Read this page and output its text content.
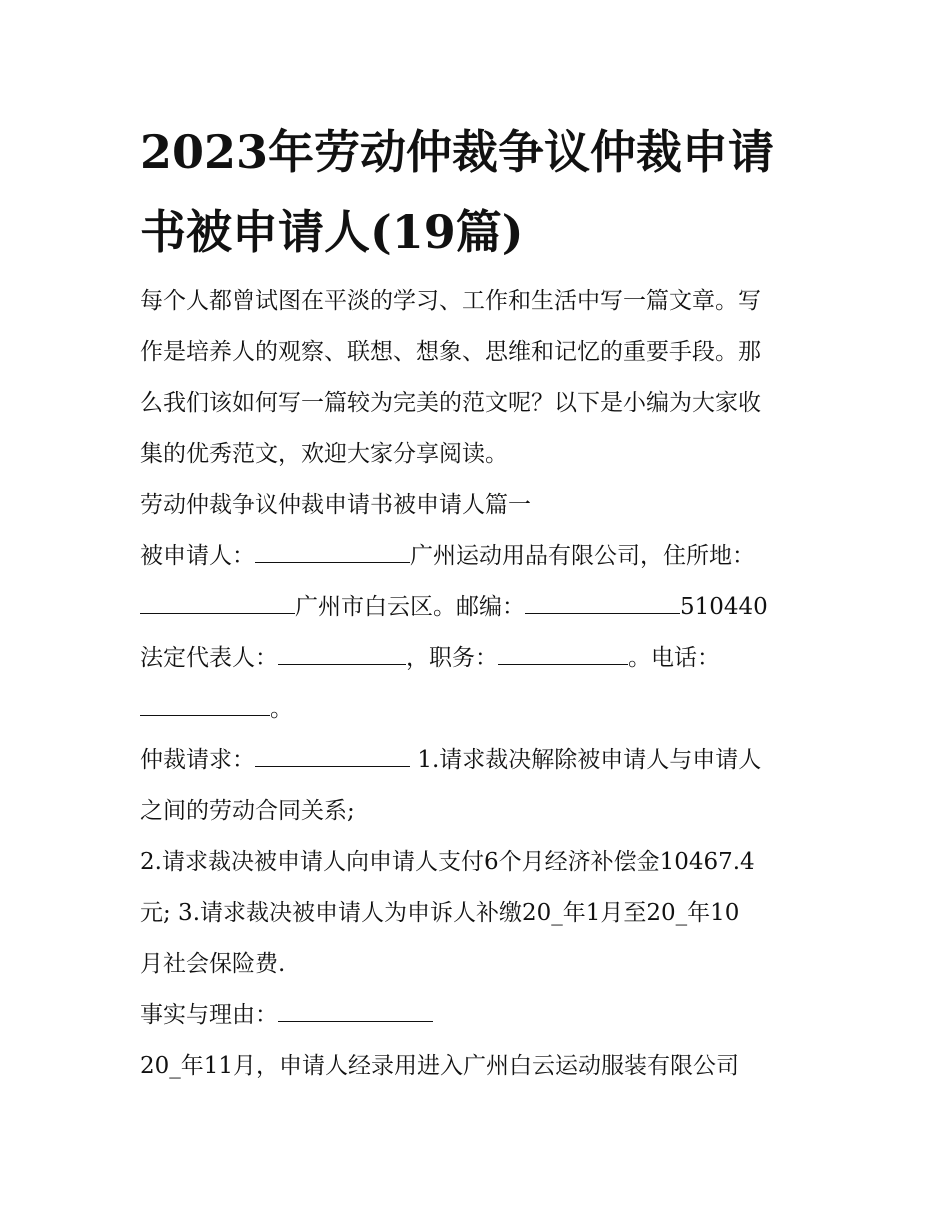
2023年劳动仲裁争议仲裁申请
书被申请人(19篇)

每个人都曾试图在平淡的学习、工作和生活中写一篇文章。写

作是培养人的观察、联想、想象、思维和记忆的重要手段。那

么我们该如何写一篇较为完美的范文呢？以下是小编为大家收

集的优秀范文，欢迎大家分享阅读。

劳动仲裁争议仲裁申请书被申请人篇一

被申请人：	广州运动用品有限公司，住所地：

广州市白云区。邮编：	510440

法定代表人：	，职务：	。电话：

。

仲裁请求：	1.请求裁决解除被申请人与申请人

之间的劳动合同关系;

2.请求裁决被申请人向申请人支付6个月经济补偿金10467.4

元; 3.请求裁决被申请人为申诉人补缴20_年1月至20_年10

月社会保险费.

事实与理由：

20_年11月，申请人经录用进入广州白云运动服装有限公司
